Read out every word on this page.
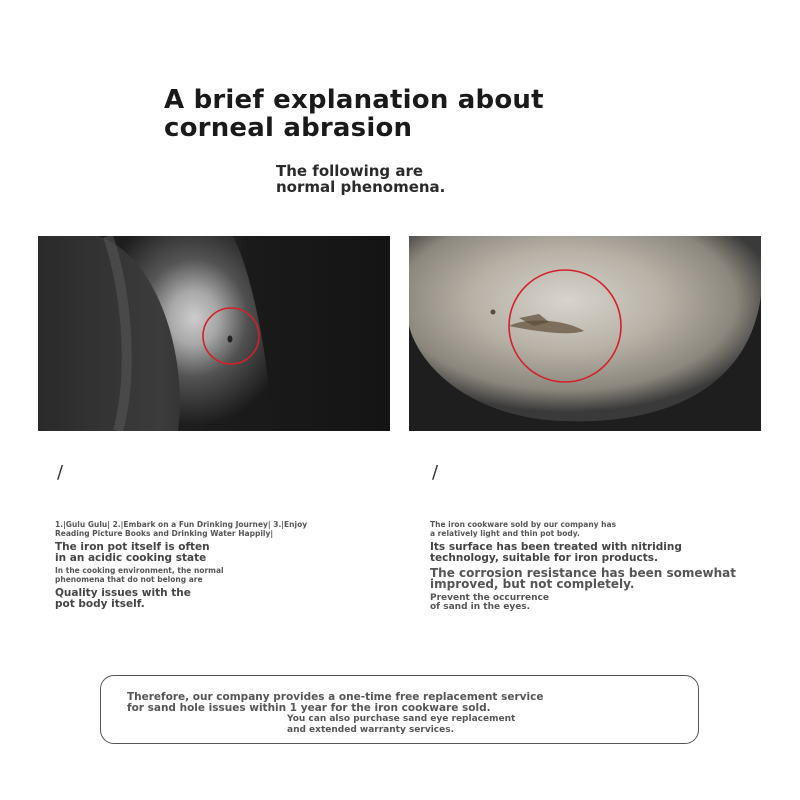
A brief explanation about
corneal abrasion
The following are
normal phenomena.
/	/
1.|Gulu Gulu| 2.|Embark on a Fun Drinking Journey| 3.|Enjoy
Reading Picture Books and Drinking Water Happily|
The iron pot itself is often
in an acidic cooking state
In the cooking environment, the normal
phenomena that do not belong are
Quality issues with the
pot body itself.
The iron cookware sold by our company has
a relatively light and thin pot body.
Its surface has been treated with nitriding
technology, suitable for iron products.
The corrosion resistance has been somewhat
improved, but not completely.
Prevent the occurrence
of sand in the eyes.
Therefore, our company provides a one-time free replacement service
for sand hole issues within 1 year for the iron cookware sold.
You can also purchase sand eye replacement
and extended warranty services.
